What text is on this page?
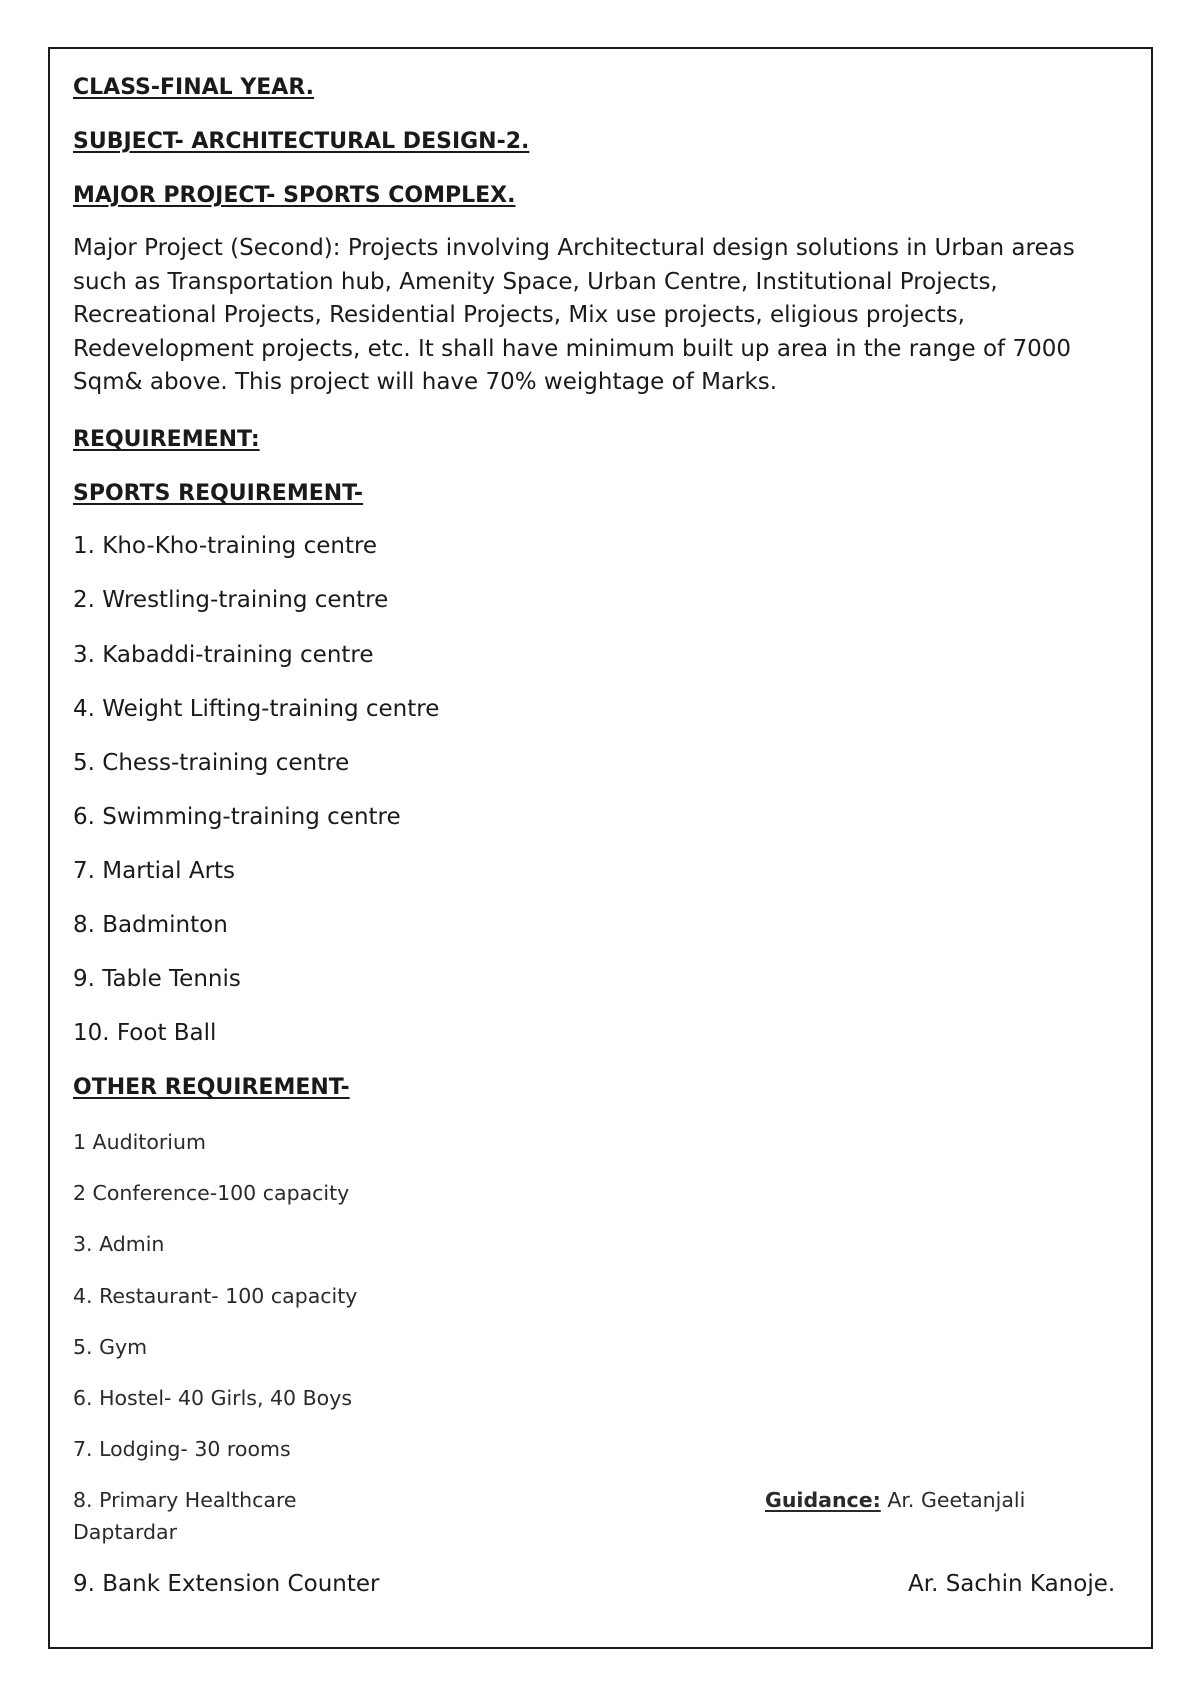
CLASS-FINAL YEAR.
SUBJECT- ARCHITECTURAL DESIGN-2.
MAJOR PROJECT- SPORTS COMPLEX.
Major Project (Second): Projects involving Architectural design solutions in Urban areas
such as Transportation hub, Amenity Space, Urban Centre, Institutional Projects,
Recreational Projects, Residential Projects, Mix use projects, eligious projects,
Redevelopment projects, etc. It shall have minimum built up area in the range of 7000
Sqm& above. This project will have 70% weightage of Marks.
REQUIREMENT:
SPORTS REQUIREMENT-
1. Kho-Kho-training centre
2. Wrestling-training centre
3. Kabaddi-training centre
4. Weight Lifting-training centre
5. Chess-training centre
6. Swimming-training centre
7. Martial Arts
8. Badminton
9. Table Tennis
10. Foot Ball
OTHER REQUIREMENT-
1 Auditorium
2 Conference-100 capacity
3. Admin
4. Restaurant- 100 capacity
5. Gym
6. Hostel- 40 Girls, 40 Boys
7. Lodging- 30 rooms
8. Primary Healthcare	Guidance: Ar. Geetanjali
Daptardar
9. Bank Extension Counter	Ar. Sachin Kanoje.
